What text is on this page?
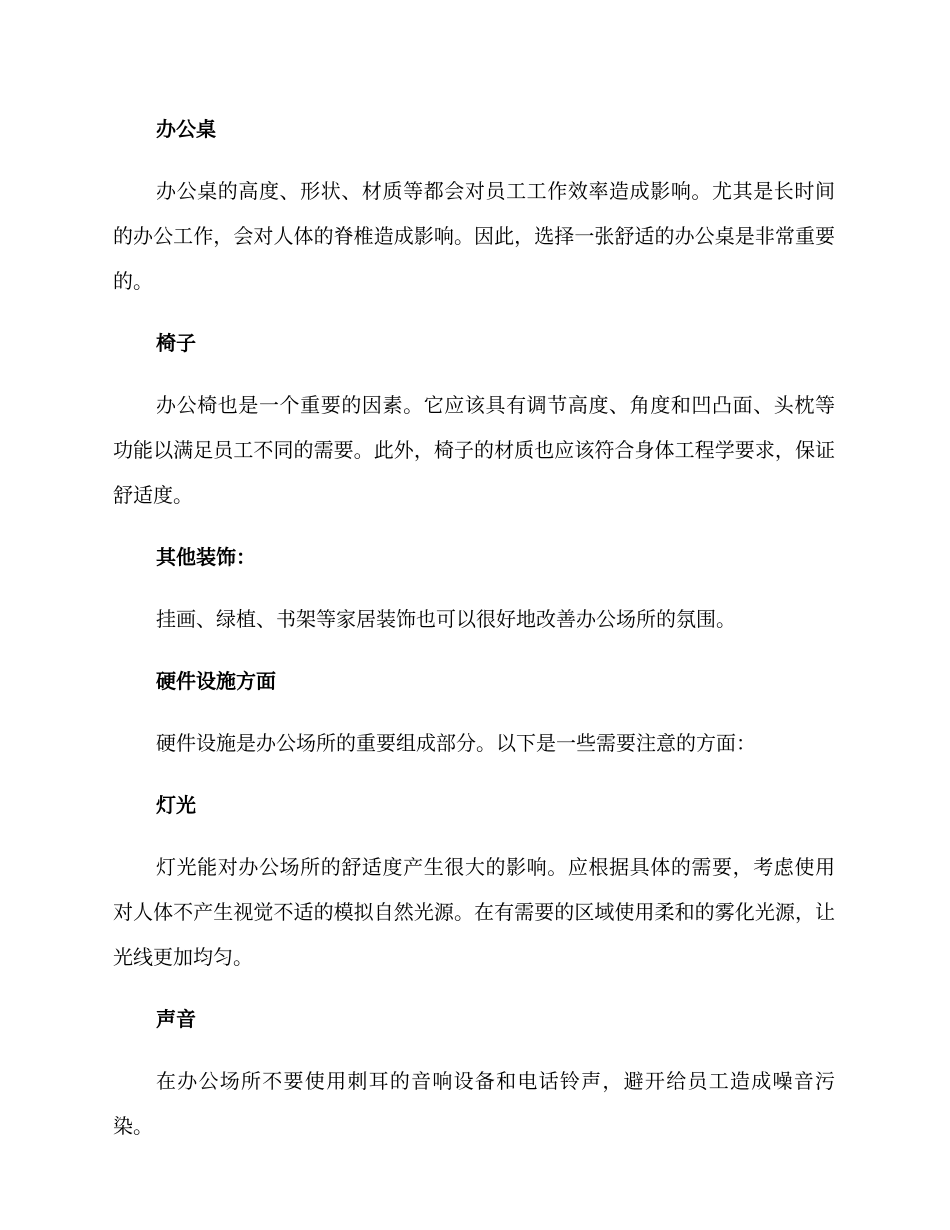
办公桌

办公桌的高度、形状、材质等都会对员工工作效率造成影响。尤其是长时间的办公工作，会对人体的脊椎造成影响。因此，选择一张舒适的办公桌是非常重要的。

椅子

办公椅也是一个重要的因素。它应该具有调节高度、角度和凹凸面、头枕等功能以满足员工不同的需要。此外，椅子的材质也应该符合身体工程学要求，保证舒适度。

其他装饰：

挂画、绿植、书架等家居装饰也可以很好地改善办公场所的氛围。

硬件设施方面

硬件设施是办公场所的重要组成部分。以下是一些需要注意的方面：

灯光

灯光能对办公场所的舒适度产生很大的影响。应根据具体的需要，考虑使用对人体不产生视觉不适的模拟自然光源。在有需要的区域使用柔和的雾化光源，让光线更加均匀。

声音

在办公场所不要使用刺耳的音响设备和电话铃声，避开给员工造成噪音污染。
